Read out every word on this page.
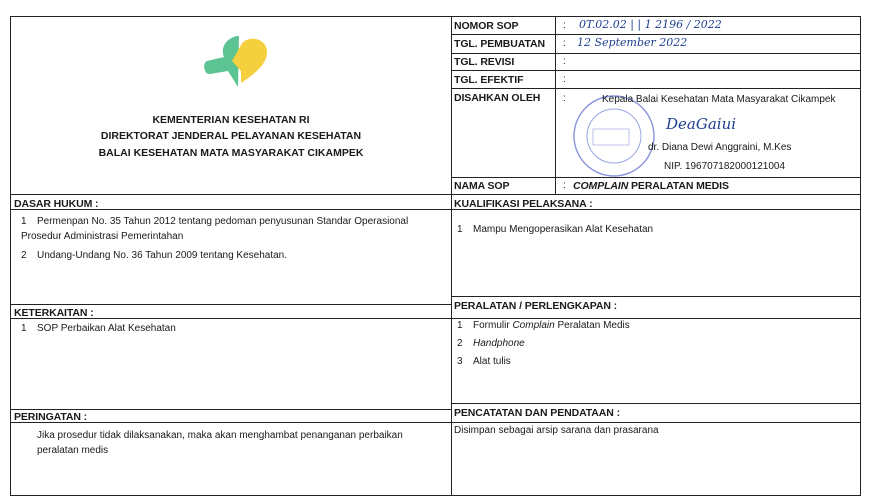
KEMENTERIAN KESEHATAN RI
DIREKTORAT JENDERAL PELAYANAN KESEHATAN
BALAI KESEHATAN MATA MASYARAKAT CIKAMPEK
NOMOR SOP
TGL. PEMBUATAN
TGL. REVISI
TGL. EFEKTIF
DISAHKAN OLEH
NAMA SOP
:
:
:
:
:
:
0T.02.02 | | 1 2196 / 2022
12 September 2022
Kepala Balai Kesehatan Mata Masyarakat Cikampek
DeaGaiui
dr. Diana Dewi Anggraini, M.Kes
NIP. 196707182000121004
COMPLAIN PERALATAN MEDIS
DASAR HUKUM :
1 Permenpan No. 35 Tahun 2012 tentang pedoman penyusunan Standar Operasional Prosedur Administrasi Pemerintahan
2 Undang-Undang No. 36 Tahun 2009 tentang Kesehatan.
KUALIFIKASI PELAKSANA :
1 Mampu Mengoperasikan Alat Kesehatan
KETERKAITAN :
1 SOP Perbaikan Alat Kesehatan
PERALATAN / PERLENGKAPAN :
1 Formulir Complain Peralatan Medis
2 Handphone
3 Alat tulis
PERINGATAN :
Jika prosedur tidak dilaksanakan, maka akan menghambat penanganan perbaikan peralatan medis
PENCATATAN DAN PENDATAAN :
Disimpan sebagai arsip sarana dan prasarana
